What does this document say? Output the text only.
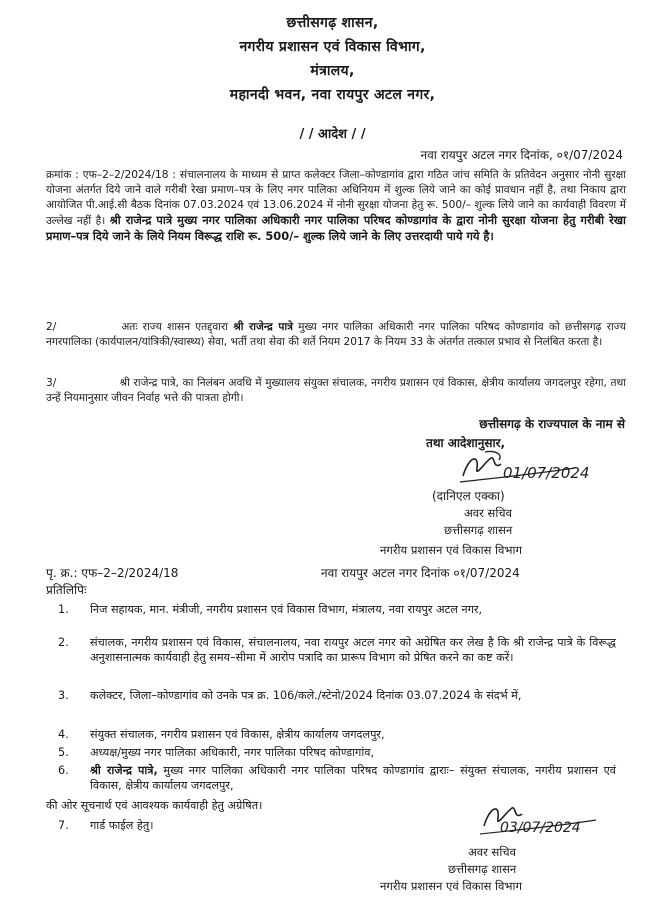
छत्तीसगढ़ शासन,
नगरीय प्रशासन एवं विकास विभाग,
मंत्रालय,
महानदी भवन, नवा रायपुर अटल नगर,
/ / आदेश / /
नवा रायपुर अटल नगर दिनांक, ०१/07/2024
क्रमांक : एफ–2–2/2024/18 : संचालनालय के माध्यम से प्राप्त कलेक्टर जिला–कोण्डागांव द्वारा गठित जांच समिति के प्रतिवेदन अनुसार नोनी सुरक्षा योजना अंतर्गत दिये जाने वाले गरीबी रेखा प्रमाण–पत्र के लिए नगर पालिका अधिनियम में शुल्क लिये जाने का कोई प्रावधान नहीं है, तथा निकाय द्वारा आयोजित पी.आई.सी बैठक दिनांक 07.03.2024 एवं 13.06.2024 में नोनी सुरक्षा योजना हेतु रू. 500/– शुल्क लिये जाने का कार्यवाही विवरण में उल्लेख नहीं है। श्री राजेन्द्र पात्रे मुख्य नगर पालिका अधिकारी नगर पालिका परिषद कोण्डागांव के द्वारा नोनी सुरक्षा योजना हेतु गरीबी रेखा प्रमाण–पत्र दिये जाने के लिये नियम विरूद्ध राशि रू. 500/– शुल्क लिये जाने के लिए उत्तरदायी पाये गये है।
2/	अतः राज्य शासन एतद्द्वारा श्री राजेन्द्र पात्रे मुख्य नगर पालिका अधिकारी नगर पालिका परिषद कोण्डागांव को छत्तीसगढ़ राज्य नगरपालिका (कार्यपालन/यांत्रिकी/स्वास्थ्य) सेवा, भर्ती तथा सेवा की शर्ते नियम 2017 के नियम 33 के अंतर्गत तत्काल प्रभाव से निलंबित करता है।
3/	श्री राजेन्द्र पात्रे, का निलंबन अवधि में मुख्यालय संयुक्त संचालक, नगरीय प्रशासन एवं विकास, क्षेत्रीय कार्यालय जगदलपुर रहेगा, तथा उन्हें नियमानुसार जीवन निर्वाह भत्ते की पात्रता होगी।
छत्तीसगढ़ के राज्यपाल के नाम से
तथा आदेशानुसार,
01/07/2024
(दानिएल एक्का)
अवर सचिव
छत्तीसगढ़ शासन
नगरीय प्रशासन एवं विकास विभाग
पृ. क्र.: एफ–2–2/2024/18	नवा रायपुर अटल नगर दिनांक ०१/07/2024
प्रतिलिपिः
1. निज सहायक, मान. मंत्रीजी, नगरीय प्रशासन एवं विकास विभाग, मंत्रालय, नवा रायपुर अटल नगर,
2. संचालक, नगरीय प्रशासन एवं विकास, संचालनालय, नवा रायपुर अटल नगर को अग्रेषित कर लेख है कि श्री राजेन्द्र पात्रे के विरूद्ध अनुशासनात्मक कार्यवाही हेतु समय–सीमा में आरोप पत्रादि का प्रारूप विभाग को प्रेषित करने का कष्ट करें।
3. कलेक्टर, जिला–कोण्डागांव को उनके पत्र क्र. 106/कले./स्टेनो/2024 दिनांक 03.07.2024 के संदर्भ में,
4. संयुक्त संचालक, नगरीय प्रशासन एवं विकास, क्षेत्रीय कार्यालय जगदलपुर,
5. अध्यक्ष/मुख्य नगर पालिका अधिकारी, नगर पालिका परिषद कोण्डागांव,
6. श्री राजेन्द्र पात्रे, मुख्य नगर पालिका अधिकारी नगर पालिका परिषद कोण्डागांव द्वाराः– संयुक्त संचालक, नगरीय प्रशासन एवं विकास, क्षेत्रीय कार्यालय जगदलपुर,
की ओर सूचनार्थ एवं आवश्यक कार्यवाही हेतु अग्रेषित।
7. गार्ड फाईल हेतु।	03/07/2024
अवर सचिव
छत्तीसगढ़ शासन
नगरीय प्रशासन एवं विकास विभाग
